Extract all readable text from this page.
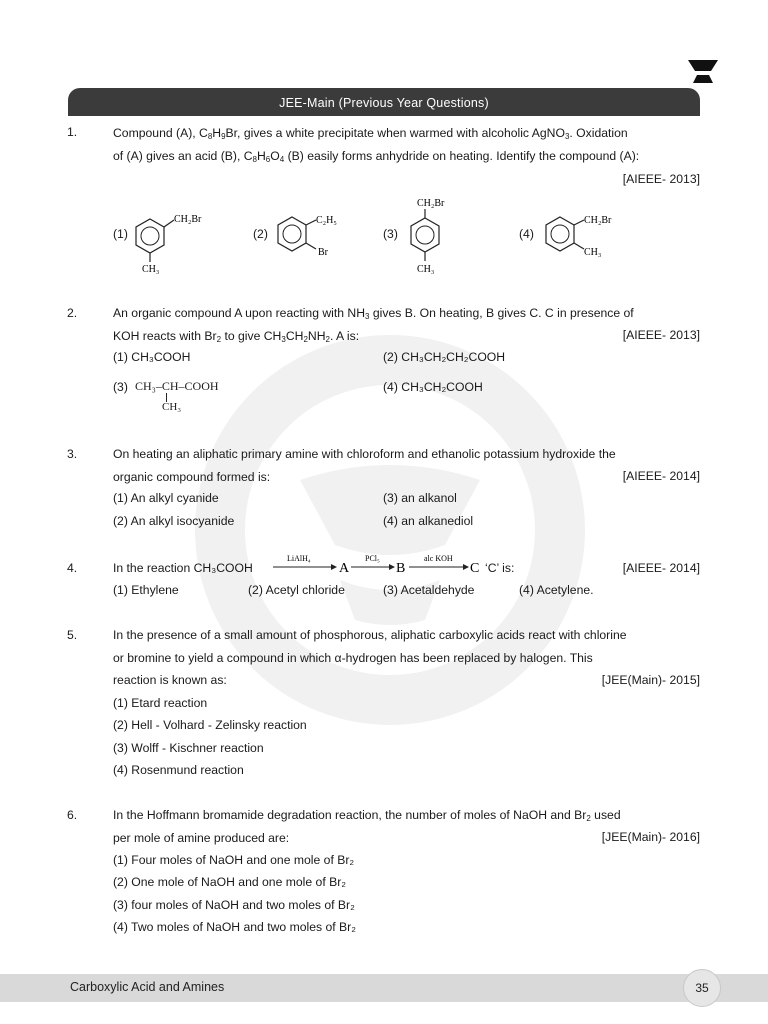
JEE-Main (Previous Year Questions)
1.	Compound (A), $C_8H_9Br$, gives a white precipitate when warmed with alcoholic AgNO$_3$. Oxidation
of (A) gives an acid (B), $C_8H_6O_4$ (B) easily forms anhydride on heating. Identify the compound (A):
[AIEEE- 2013]
(1)
CH₂Br
CH₃
(2)
C₂H₅
Br
(3)
CH₂Br
CH₃
(4)
CH₂Br
CH₃
2.	An organic compound A upon reacting with $NH_3$ gives B. On heating, B gives C. C in presence of
KOH reacts with $Br_2$ to give $CH_3CH_2NH_2$. A is:	[AIEEE- 2013]
(1) CH₃COOH	(2) CH₃CH₂CH₂COOH
(3) CH₃–CH–COOH
CH₃
(4) CH₃CH₂COOH
3.	On heating an aliphatic primary amine with chloroform and ethanolic potassium hydroxide the
organic compound formed is:	[AIEEE- 2014]
(1) An alkyl cyanide
(2) An alkyl isocyanide
(3) an alkanol
(4) an alkanediol
4.	In the reaction CH₃COOH
LiAlH₄
A
PCl₅
B
alc KOH
C ‘C’ is:	[AIEEE- 2014]
(1) Ethylene	(2) Acetyl chloride	(3) Acetaldehyde	(4) Acetylene.
5.	In the presence of a small amount of phosphorous, aliphatic carboxylic acids react with chlorine
or bromine to yield a compound in which α-hydrogen has been replaced by halogen. This
reaction is known as:	[JEE(Main)- 2015]
(1) Etard reaction
(2) Hell - Volhard - Zelinsky reaction
(3) Wolff - Kischner reaction
(4) Rosenmund reaction
6.	In the Hoffmann bromamide degradation reaction, the number of moles of NaOH and $Br_2$ used
per mole of amine produced are:	[JEE(Main)- 2016]
(1) Four moles of NaOH and one mole of Br₂
(2) One mole of NaOH and one mole of Br₂
(3) four moles of NaOH and two moles of Br₂
(4) Two moles of NaOH and two moles of Br₂
Carboxylic Acid and Amines	35
